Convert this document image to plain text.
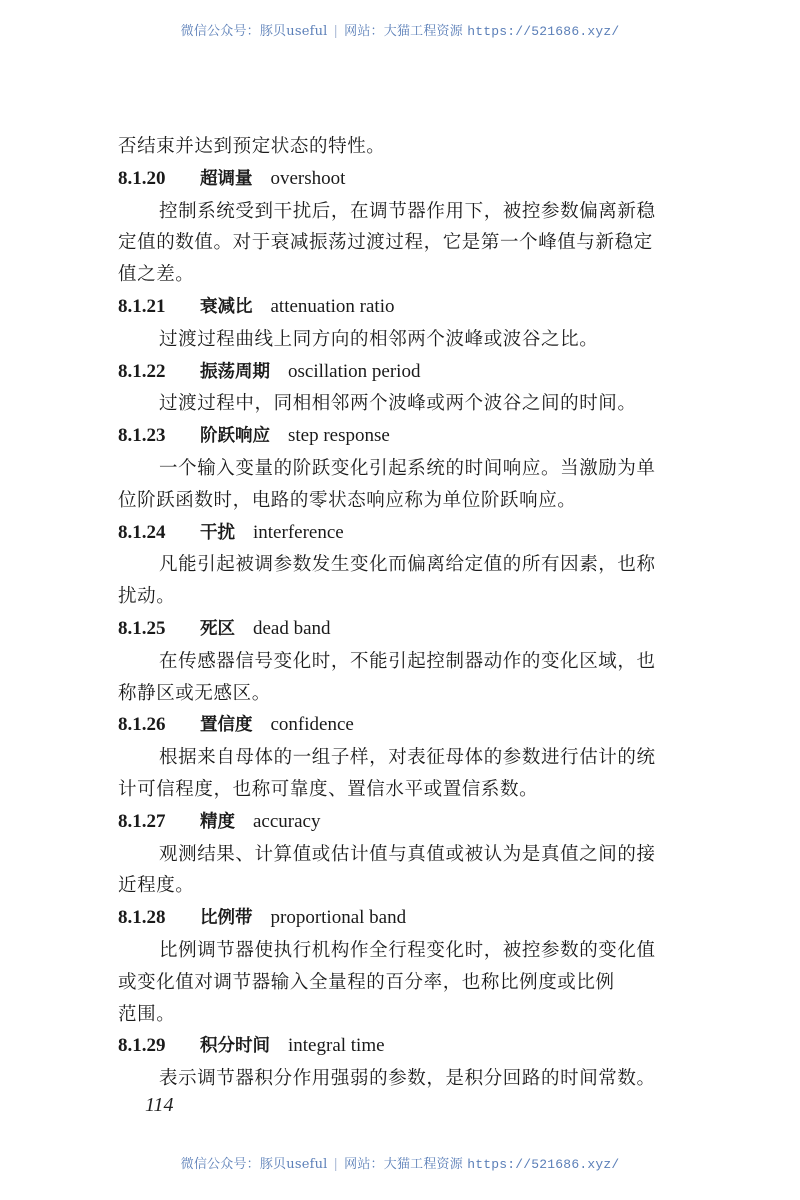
微信公众号：豚贝useful | 网站：大猫工程资源 https://521686.xyz/
否结束并达到预定状态的特性。
8.1.20 超调量 overshoot
控制系统受到干扰后，在调节器作用下，被控参数偏离新稳
定值的数值。对于衰减振荡过渡过程，它是第一个峰值与新稳定
值之差。
8.1.21 衰减比 attenuation ratio
过渡过程曲线上同方向的相邻两个波峰或波谷之比。
8.1.22 振荡周期 oscillation period
过渡过程中，同相相邻两个波峰或两个波谷之间的时间。
8.1.23 阶跃响应 step response
一个输入变量的阶跃变化引起系统的时间响应。当激励为单
位阶跃函数时，电路的零状态响应称为单位阶跃响应。
8.1.24 干扰 interference
凡能引起被调参数发生变化而偏离给定值的所有因素，也称
扰动。
8.1.25 死区 dead band
在传感器信号变化时，不能引起控制器动作的变化区域，也
称静区或无感区。
8.1.26 置信度 confidence
根据来自母体的一组子样，对表征母体的参数进行估计的统
计可信程度，也称可靠度、置信水平或置信系数。
8.1.27 精度 accuracy
观测结果、计算值或估计值与真值或被认为是真值之间的接
近程度。
8.1.28 比例带 proportional band
比例调节器使执行机构作全行程变化时，被控参数的变化值
或变化值对调节器输入全量程的百分率，也称比例度或比例
范围。
8.1.29 积分时间 integral time
表示调节器积分作用强弱的参数，是积分回路的时间常数。
114
微信公众号：豚贝useful | 网站：大猫工程资源 https://521686.xyz/
